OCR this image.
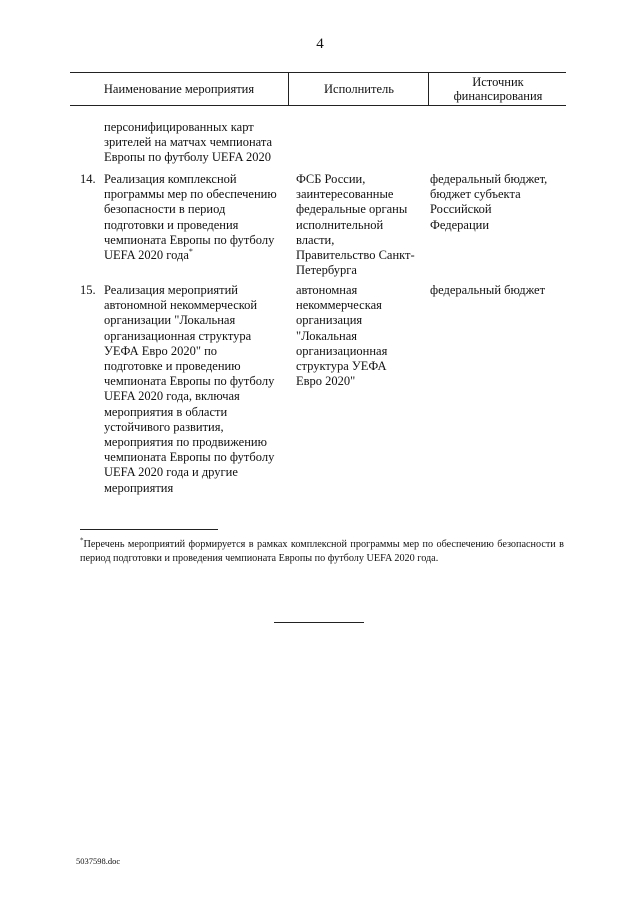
4
Наименование мероприятия	Исполнитель	Источник
финансирования
персонифицированных карт
зрителей на матчах чемпионата
Европы по футболу UEFA 2020
14. Реализация комплексной
программы мер по обеспечению
безопасности в период
подготовки и проведения
чемпионата Европы по футболу
UEFA 2020 года*
ФСБ России,
заинтересованные
федеральные органы
исполнительной
власти,
Правительство Санкт-
Петербурга
федеральный бюджет,
бюджет субъекта
Российской
Федерации
15. Реализация мероприятий
автономной некоммерческой
организации "Локальная
организационная структура
УЕФА Евро 2020" по
подготовке и проведению
чемпионата Европы по футболу
UEFA 2020 года, включая
мероприятия в области
устойчивого развития,
мероприятия по продвижению
чемпионата Европы по футболу
UEFA 2020 года и другие
мероприятия
автономная
некоммерческая
организация
"Локальная
организационная
структура УЕФА
Евро 2020"
федеральный бюджет
*Перечень мероприятий формируется в рамках комплексной программы мер по обеспечению безопасности в период подготовки и проведения чемпионата Европы по футболу UEFA 2020 года.
5037598.doc
